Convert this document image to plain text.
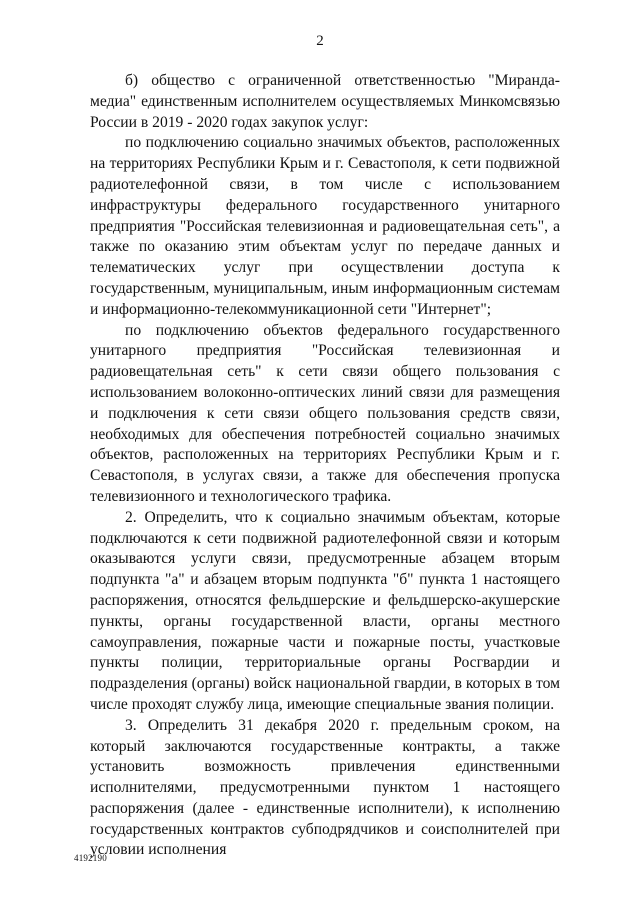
2

б) общество с ограниченной ответственностью "Миранда-медиа" единственным исполнителем осуществляемых Минкомсвязью России в 2019 - 2020 годах закупок услуг:

по подключению социально значимых объектов, расположенных на территориях Республики Крым и г. Севастополя, к сети подвижной радиотелефонной связи, в том числе с использованием инфраструктуры федерального государственного унитарного предприятия "Российская телевизионная и радиовещательная сеть", а также по оказанию этим объектам услуг по передаче данных и телематических услуг при осуществлении доступа к государственным, муниципальным, иным информационным системам и информационно-телекоммуникационной сети "Интернет";

по подключению объектов федерального государственного унитарного предприятия "Российская телевизионная и радиовещательная сеть" к сети связи общего пользования с использованием волоконно-оптических линий связи для размещения и подключения к сети связи общего пользования средств связи, необходимых для обеспечения потребностей социально значимых объектов, расположенных на территориях Республики Крым и г. Севастополя, в услугах связи, а также для обеспечения пропуска телевизионного и технологического трафика.

2. Определить, что к социально значимым объектам, которые подключаются к сети подвижной радиотелефонной связи и которым оказываются услуги связи, предусмотренные абзацем вторым подпункта "а" и абзацем вторым подпункта "б" пункта 1 настоящего распоряжения, относятся фельдшерские и фельдшерско-акушерские пункты, органы государственной власти, органы местного самоуправления, пожарные части и пожарные посты, участковые пункты полиции, территориальные органы Росгвардии и подразделения (органы) войск национальной гвардии, в которых в том числе проходят службу лица, имеющие специальные звания полиции.

3. Определить 31 декабря 2020 г. предельным сроком, на который заключаются государственные контракты, а также установить возможность привлечения единственными исполнителями, предусмотренными пунктом 1 настоящего распоряжения (далее - единственные исполнители), к исполнению государственных контрактов субподрядчиков и соисполнителей при условии исполнения

4192190
